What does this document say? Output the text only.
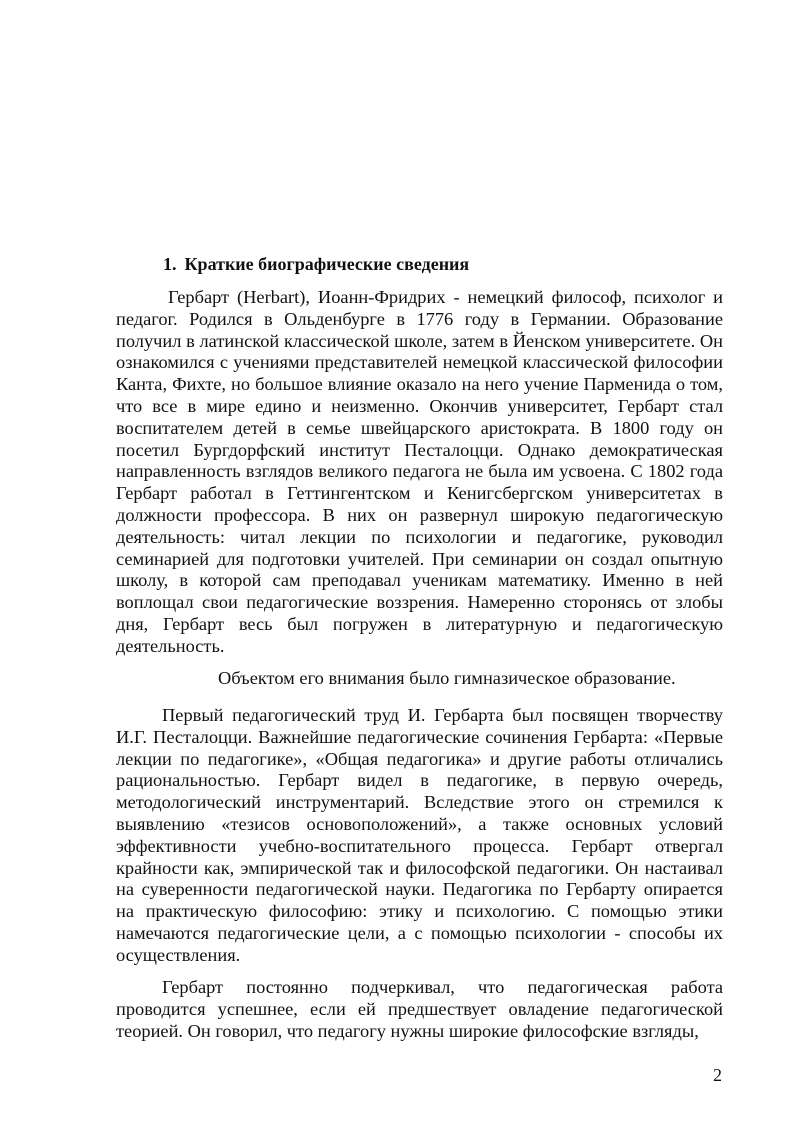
1. Краткие биографические сведения

Гербарт (Herbart), Иоанн-Фридрих - немецкий философ, психолог и педагог. Родился в Ольденбурге в 1776 году в Германии. Образование получил в латинской классической школе, затем в Йенском университете. Он ознакомился с учениями представителей немецкой классической философии Канта, Фихте, но большое влияние оказало на него учение Парменида о том, что все в мире едино и неизменно. Окончив университет, Гербарт стал воспитателем детей в семье швейцарского аристократа. В 1800 году он посетил Бургдорфский институт Песталоцци. Однако демократическая направленность взглядов великого педагога не была им усвоена. С 1802 года Гербарт работал в Геттингентском и Кенигсбергском университетах в должности профессора. В них он развернул широкую педагогическую деятельность: читал лекции по психологии и педагогике, руководил семинарией для подготовки учителей. При семинарии он создал опытную школу, в которой сам преподавал ученикам математику. Именно в ней воплощал свои педагогические воззрения. Намеренно сторонясь от злобы дня, Гербарт весь был погружен в литературную и педагогическую деятельность.

Объектом его внимания было гимназическое образование.

Первый педагогический труд И. Гербарта был посвящен творчеству И.Г. Песталоцци. Важнейшие педагогические сочинения Гербарта: «Первые лекции по педагогике», «Общая педагогика» и другие работы отличались рациональностью. Гербарт видел в педагогике, в первую очередь, методологический инструментарий. Вследствие этого он стремился к выявлению «тезисов основоположений», а также основных условий эффективности учебно-воспитательного процесса. Гербарт отвергал крайности как, эмпирической так и философской педагогики. Он настаивал на суверенности педагогической науки. Педагогика по Гербарту опирается на практическую философию: этику и психологию. С помощью этики намечаются педагогические цели, а с помощью психологии - способы их осуществления.

Гербарт постоянно подчеркивал, что педагогическая работа проводится успешнее, если ей предшествует овладение педагогической теорией. Он говорил, что педагогу нужны широкие философские взгляды,

2
